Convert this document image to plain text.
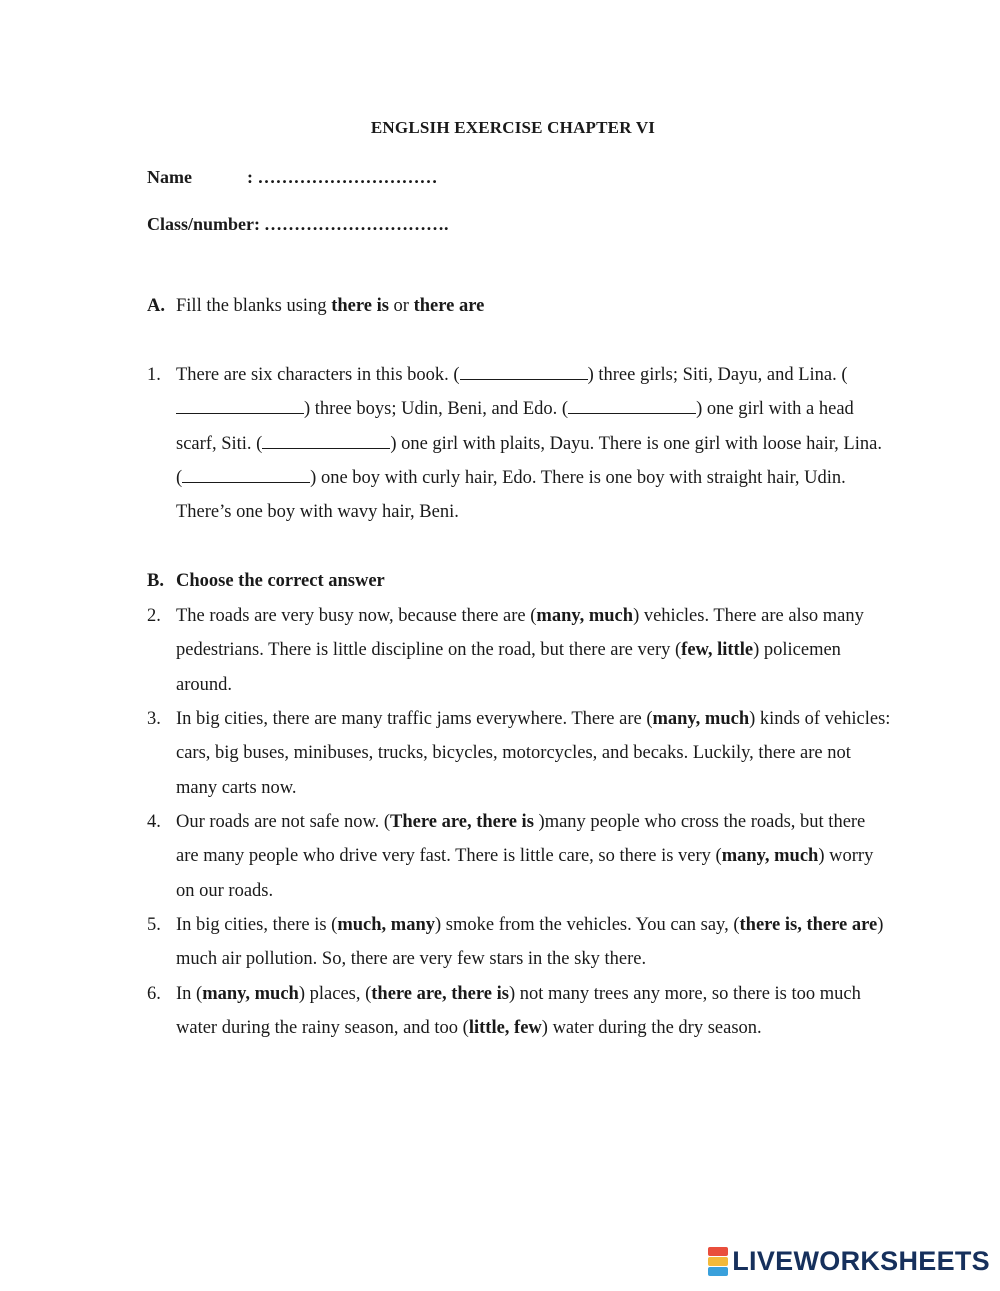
ENGLSIH EXERCISE CHAPTER VI
Name	: …………………………
Class/number: ………………………….
A. Fill the blanks using there is or there are
1. There are six characters in this book. (	) three girls; Siti, Dayu, and Lina. () three boys; Udin, Beni, and Edo. (	) one girl with a head scarf, Siti. (	) one girl with plaits, Dayu. There is one girl with loose hair, Lina. (	) one boy with curly hair, Edo. There is one boy with straight hair, Udin. There’s one boy with wavy hair, Beni.
B. Choose the correct answer
2. The roads are very busy now, because there are (many, much) vehicles. There are also many pedestrians. There is little discipline on the road, but there are very (few, little) policemen around.
3. In big cities, there are many traffic jams everywhere. There are (many, much) kinds of vehicles: cars, big buses, minibuses, trucks, bicycles, motorcycles, and becaks. Luckily, there are not many carts now.
4. Our roads are not safe now. (There are, there is )many people who cross the roads, but there are many people who drive very fast. There is little care, so there is very (many, much) worry on our roads.
5. In big cities, there is (much, many) smoke from the vehicles. You can say, (there is, there are) much air pollution. So, there are very few stars in the sky there.
6. In (many, much) places, (there are, there is) not many trees any more, so there is too much water during the rainy season, and too (little, few) water during the dry season.
LIVEWORKSHEETS
